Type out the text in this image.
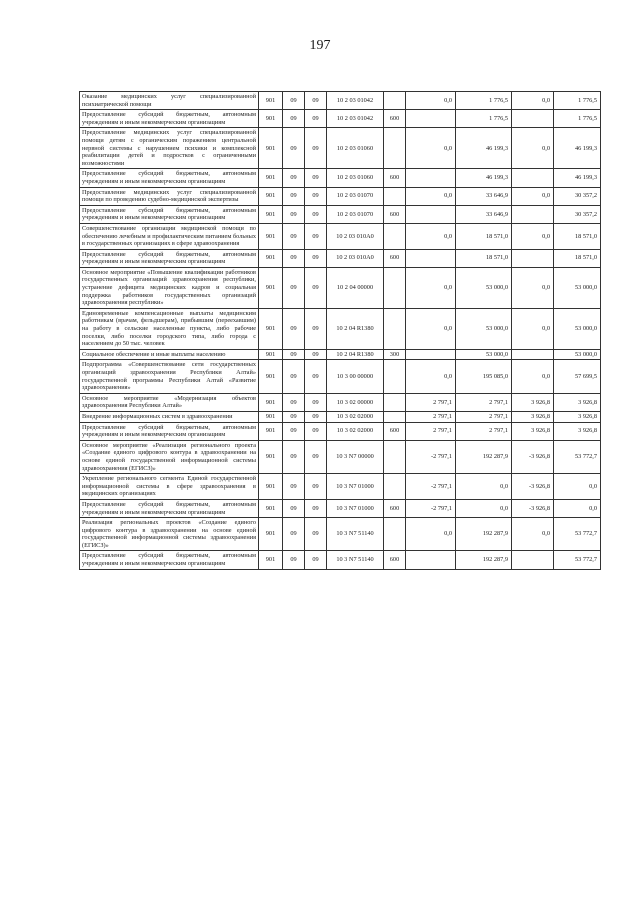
197
Оказание медицинских услуг специализированной психиатрической помощи	901	09	09	10 2 03 01042		0,0	1 776,5	0,0	1 776,5
Предоставление субсидий бюджетным, автономным учреждениям и иным некоммерческим организациям	901	09	09	10 2 03 01042	600		1 776,5		1 776,5
Предоставление медицинских услуг специализированной помощи детям с органическим поражением центральной нервной системы с нарушением психики и комплексной реабилитации детей и подростков с ограниченными возможностями	901	09	09	10 2 03 01060		0,0	46 199,3	0,0	46 199,3
Предоставление субсидий бюджетным, автономным учреждениям и иным некоммерческим организациям	901	09	09	10 2 03 01060	600		46 199,3		46 199,3
Предоставление медицинских услуг специализированной помощи по проведению судебно-медицинской экспертизы	901	09	09	10 2 03 01070		0,0	33 646,9	0,0	30 357,2
Предоставление субсидий бюджетным, автономным учреждениям и иным некоммерческим организациям	901	09	09	10 2 03 01070	600		33 646,9		30 357,2
Совершенствование организации медицинской помощи по обеспечению лечебным и профилактическим питанием больных в государственных организациях в сфере здравоохранения	901	09	09	10 2 03 010А0		0,0	18 571,0	0,0	18 571,0
Предоставление субсидий бюджетным, автономным учреждениям и иным некоммерческим организациям	901	09	09	10 2 03 010А0	600		18 571,0		18 571,0
Основное мероприятие «Повышение квалификации работников государственных организаций здравоохранения республики, устранение дефицита медицинских кадров и социальная поддержка работников государственных организаций здравоохранения республики»	901	09	09	10 2 04 00000		0,0	53 000,0	0,0	53 000,0
Единовременные компенсационные выплаты медицинским работникам (врачам, фельдшерам), прибывшим (переехавшим) на работу в сельские населенные пункты, либо рабочие поселки, либо поселки городского типа, либо города с населением до 50 тыс. человек	901	09	09	10 2 04 R1380		0,0	53 000,0	0,0	53 000,0
Социальное обеспечение и иные выплаты населению	901	09	09	10 2 04 R1380	300		53 000,0		53 000,0
Подпрограмма «Совершенствование сети государственных организаций здравоохранения Республики Алтай» государственной программы Республики Алтай «Развитие здравоохранения»	901	09	09	10 3 00 00000		0,0	195 085,0	0,0	57 699,5
Основное мероприятие «Модернизация объектов здравоохранения Республики Алтай»	901	09	09	10 3 02 00000		2 797,1	2 797,1	3 926,8	3 926,8
Внедрение информационных систем в здравоохранении	901	09	09	10 3 02 02000		2 797,1	2 797,1	3 926,8	3 926,8
Предоставление субсидий бюджетным, автономным учреждениям и иным некоммерческим организациям	901	09	09	10 3 02 02000	600	2 797,1	2 797,1	3 926,8	3 926,8
Основное мероприятие «Реализация регионального проекта «Создание единого цифрового контура в здравоохранении на основе единой государственной информационной системы здравоохранения (ЕГИСЗ)»	901	09	09	10 3 N7 00000		-2 797,1	192 287,9	-3 926,8	53 772,7
Укрепление регионального сегмента Единой государственной информационной системы в сфере здравоохранения в медицинских организациях	901	09	09	10 3 N7 01000		-2 797,1	0,0	-3 926,8	0,0
Предоставление субсидий бюджетным, автономным учреждениям и иным некоммерческим организациям	901	09	09	10 3 N7 01000	600	-2 797,1	0,0	-3 926,8	0,0
Реализация региональных проектов «Создание единого цифрового контура в здравоохранении на основе единой государственной информационной системы здравоохранения (ЕГИСЗ)»	901	09	09	10 3 N7 51140		0,0	192 287,9	0,0	53 772,7
Предоставление субсидий бюджетным, автономным учреждениям и иным некоммерческим организациям	901	09	09	10 3 N7 51140	600		192 287,9		53 772,7
